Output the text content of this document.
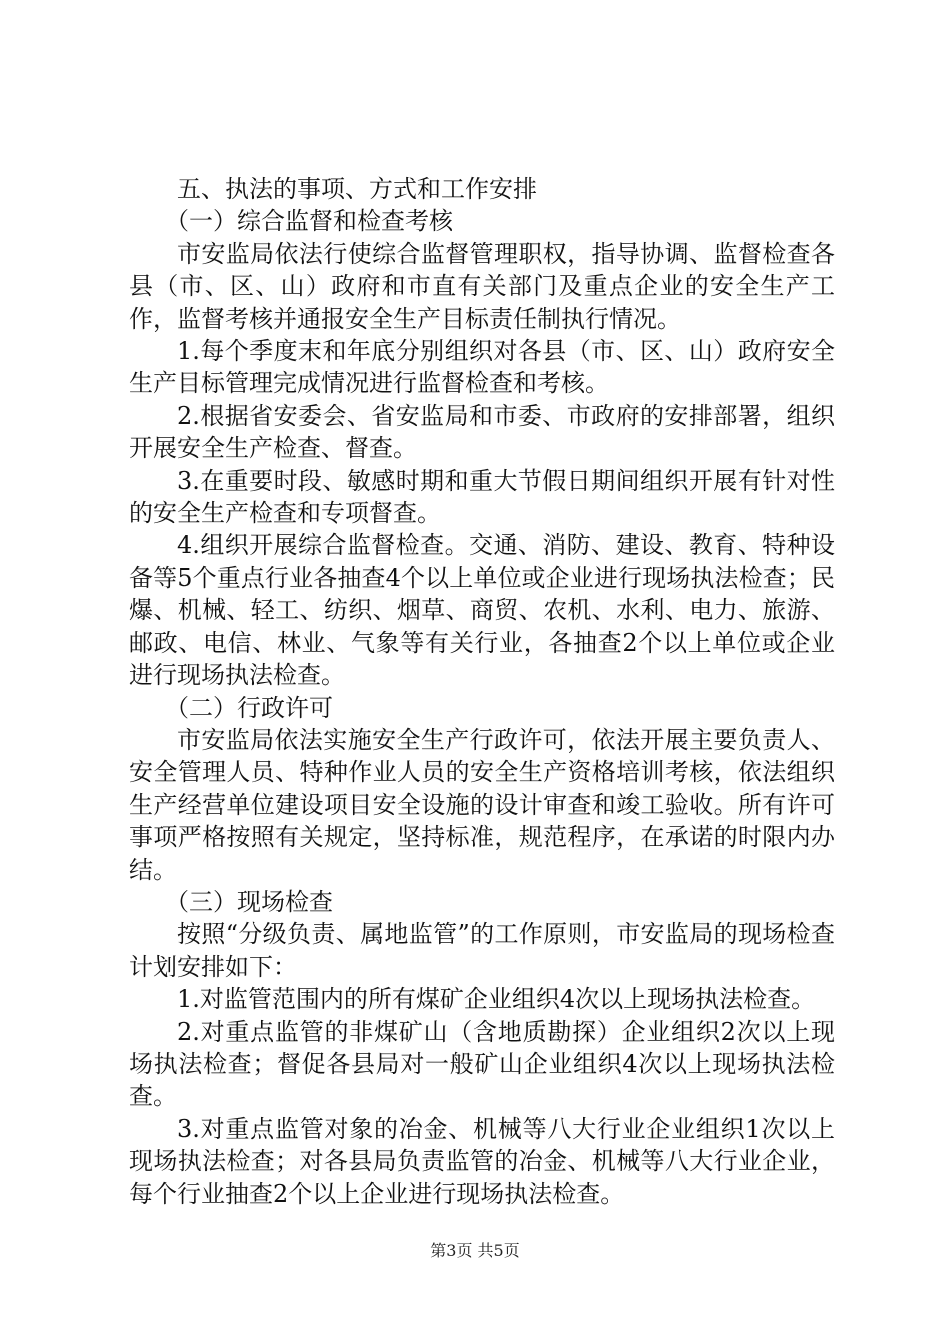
五、执法的事项、方式和工作安排

（一）综合监督和检查考核

市安监局依法行使综合监督管理职权，指导协调、监督检查各县（市、区、山）政府和市直有关部门及重点企业的安全生产工作，监督考核并通报安全生产目标责任制执行情况。

1.每个季度末和年底分别组织对各县（市、区、山）政府安全生产目标管理完成情况进行监督检查和考核。

2.根据省安委会、省安监局和市委、市政府的安排部署，组织开展安全生产检查、督查。

3.在重要时段、敏感时期和重大节假日期间组织开展有针对性的安全生产检查和专项督查。

4.组织开展综合监督检查。交通、消防、建设、教育、特种设备等5个重点行业各抽查4个以上单位或企业进行现场执法检查；民爆、机械、轻工、纺织、烟草、商贸、农机、水利、电力、旅游、邮政、电信、林业、气象等有关行业，各抽查2个以上单位或企业进行现场执法检查。

（二）行政许可

市安监局依法实施安全生产行政许可，依法开展主要负责人、安全管理人员、特种作业人员的安全生产资格培训考核，依法组织生产经营单位建设项目安全设施的设计审查和竣工验收。所有许可事项严格按照有关规定，坚持标准，规范程序，在承诺的时限内办结。

（三）现场检查

按照“分级负责、属地监管”的工作原则，市安监局的现场检查计划安排如下：

1.对监管范围内的所有煤矿企业组织4次以上现场执法检查。

2.对重点监管的非煤矿山（含地质勘探）企业组织2次以上现场执法检查；督促各县局对一般矿山企业组织4次以上现场执法检查。

3.对重点监管对象的冶金、机械等八大行业企业组织1次以上现场执法检查；对各县局负责监管的冶金、机械等八大行业企业，每个行业抽查2个以上企业进行现场执法检查。

第3页 共5页
